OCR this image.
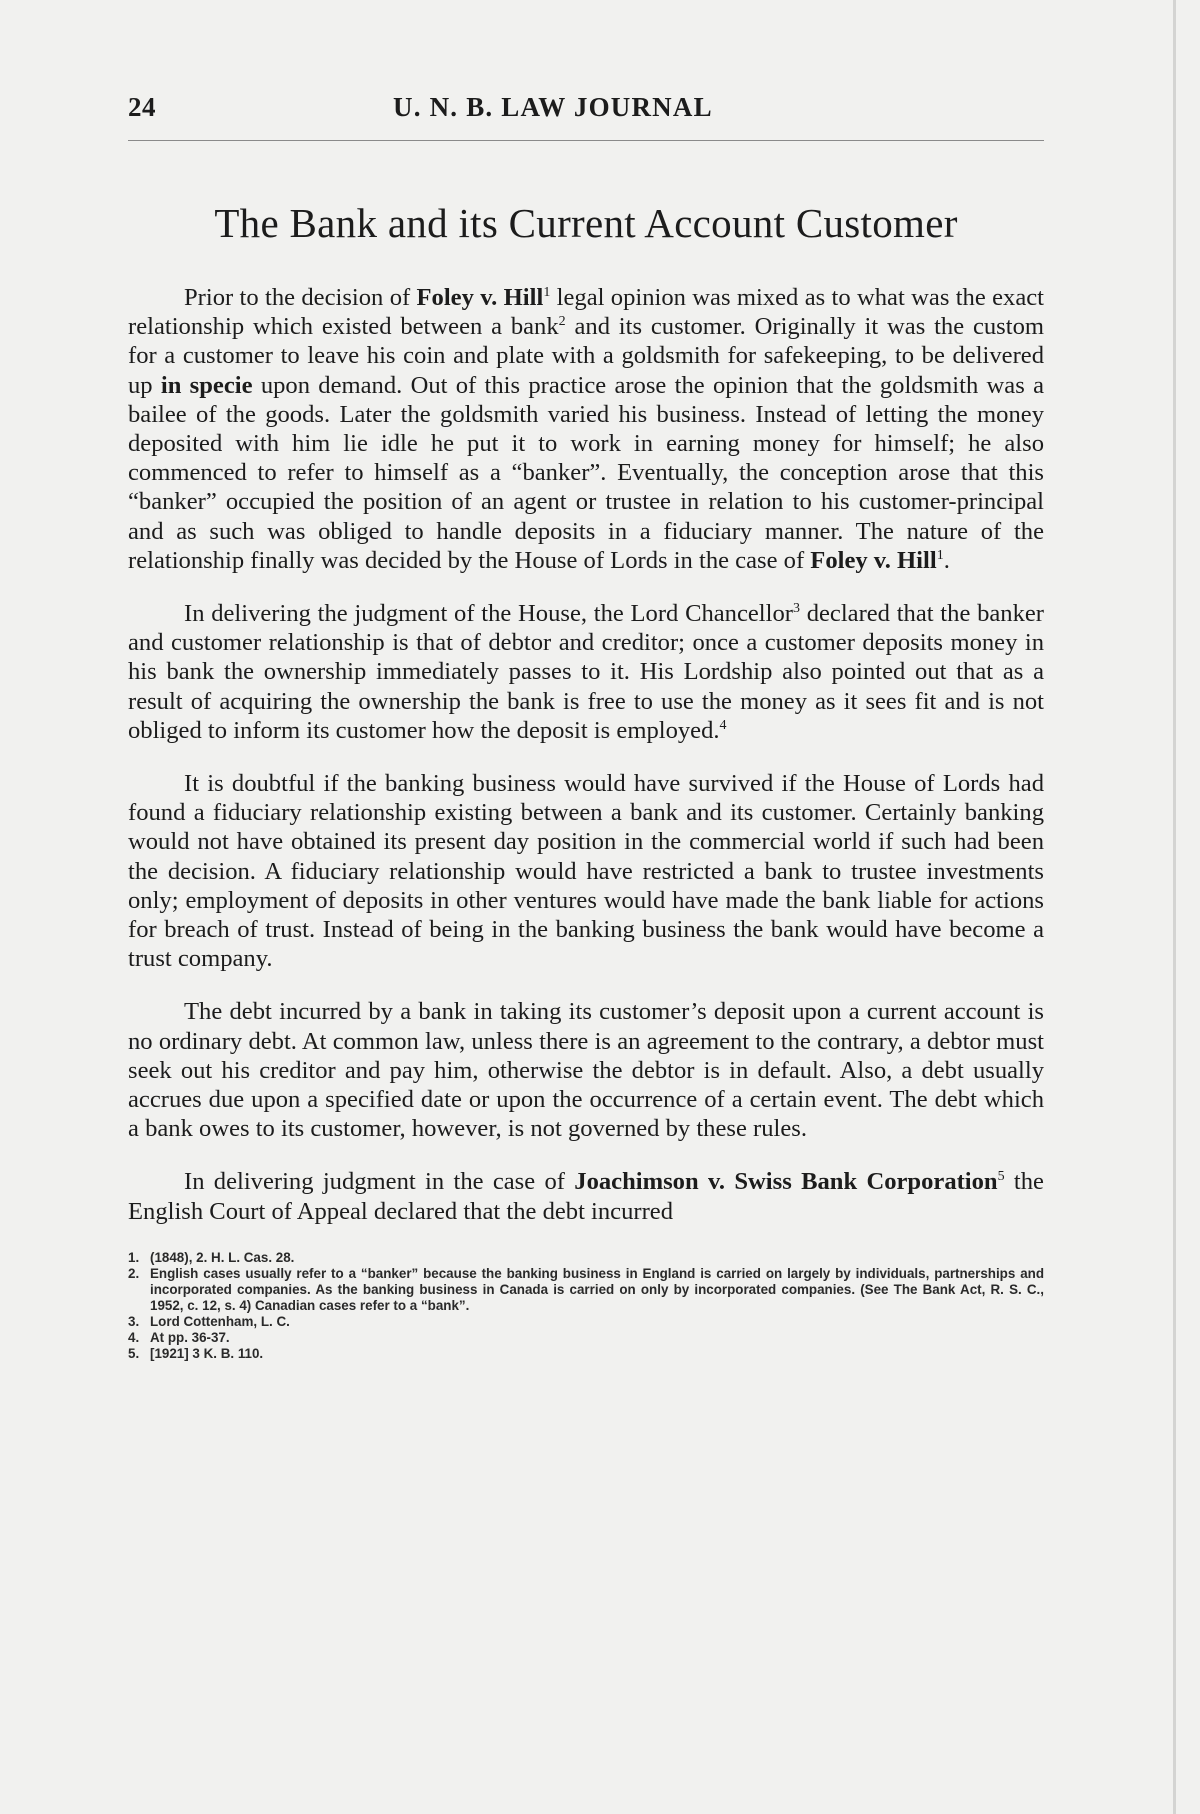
24	U. N. B. LAW JOURNAL
The Bank and its Current Account Customer

Prior to the decision of Foley v. Hill$^1$ legal opinion was mixed as to what was the exact relationship which existed between a bank$^2$ and its customer. Originally it was the custom for a customer to leave his coin and plate with a goldsmith for safekeeping, to be delivered up in specie upon demand. Out of this practice arose the opinion that the goldsmith was a bailee of the goods. Later the goldsmith varied his business. Instead of letting the money deposited with him lie idle he put it to work in earning money for himself; he also commenced to refer to himself as a “banker”. Eventually, the conception arose that this “banker” occupied the position of an agent or trustee in relation to his customer-principal and as such was obliged to handle deposits in a fiduciary manner. The nature of the relationship finally was decided by the House of Lords in the case of Foley v. Hill$^1$.

In delivering the judgment of the House, the Lord Chancellor$^3$ declared that the banker and customer relationship is that of debtor and creditor; once a customer deposits money in his bank the ownership immediately passes to it. His Lordship also pointed out that as a result of acquiring the ownership the bank is free to use the money as it sees fit and is not obliged to inform its customer how the deposit is employed.$^4$

It is doubtful if the banking business would have survived if the House of Lords had found a fiduciary relationship existing between a bank and its customer. Certainly banking would not have obtained its present day position in the commercial world if such had been the decision. A fiduciary relationship would have restricted a bank to trustee investments only; employment of deposits in other ventures would have made the bank liable for actions for breach of trust. Instead of being in the banking business the bank would have become a trust company.

The debt incurred by a bank in taking its customer’s deposit upon a current account is no ordinary debt. At common law, unless there is an agreement to the contrary, a debtor must seek out his creditor and pay him, otherwise the debtor is in default. Also, a debt usually accrues due upon a specified date or upon the occurrence of a certain event. The debt which a bank owes to its customer, however, is not governed by these rules.

In delivering judgment in the case of Joachimson v. Swiss Bank Corporation$^5$ the English Court of Appeal declared that the debt incurred

1. (1848), 2. H. L. Cas. 28.
2. English cases usually refer to a “banker” because the banking business in England is carried on largely by individuals, partnerships and incorporated companies. As the banking business in Canada is carried on only by incorporated companies. (See The Bank Act, R. S. C., 1952, c. 12, s. 4) Canadian cases refer to a “bank”.
3. Lord Cottenham, L. C.
4. At pp. 36-37.
5. [1921] 3 K. B. 110.
